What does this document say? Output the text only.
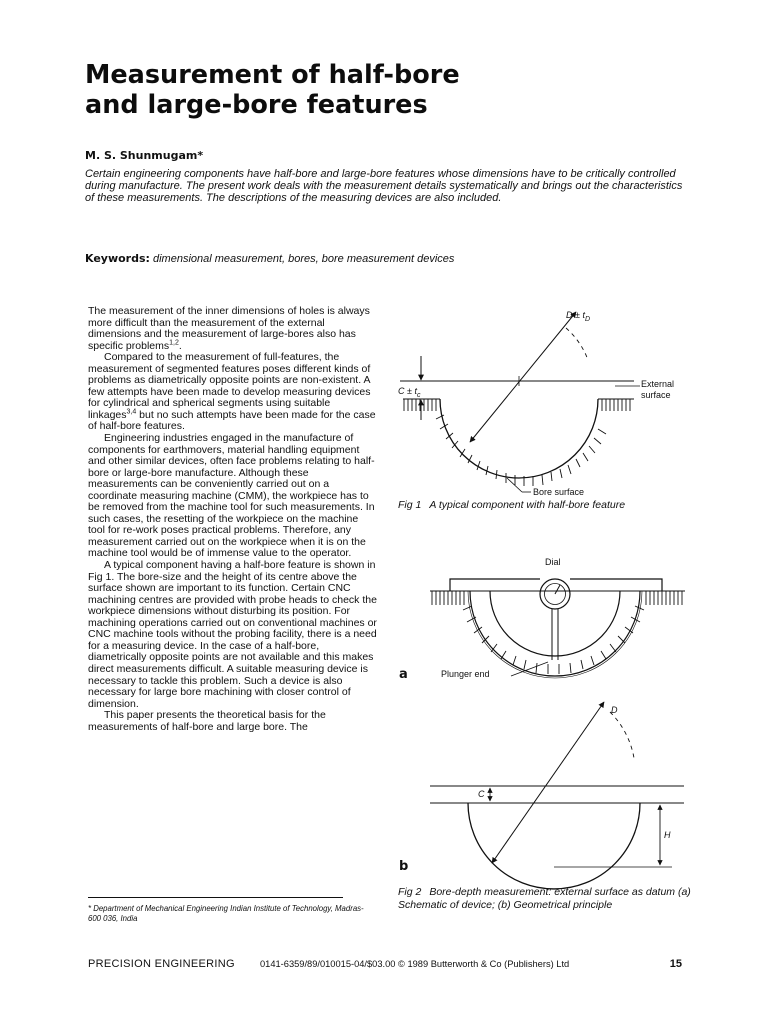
Measurement of half-bore
and large-bore features
M. S. Shunmugam*

Certain engineering components have half-bore and large-bore features whose dimensions have to be critically controlled during manufacture. The present work deals with the measurement details systematically and brings out the characteristics of these measurements. The descriptions of the measuring devices are also included.

Keywords: dimensional measurement, bores, bore measurement devices

The measurement of the inner dimensions of holes is always more difficult than the measurement of the external dimensions and the measurement of large-bores also has specific problems$^{1,2}$.

Compared to the measurement of full-features, the measurement of segmented features poses different kinds of problems as diametrically opposite points are non-existent. A few attempts have been made to develop measuring devices for cylindrical and spherical segments using suitable linkages$^{3,4}$ but no such attempts have been made for the case of half-bore features.

Engineering industries engaged in the manufacture of components for earthmovers, material handling equipment and other similar devices, often face problems relating to half-bore or large-bore manufacture. Although these measurements can be conveniently carried out on a coordinate measuring machine (CMM), the workpiece has to be removed from the machine tool for such measurements. In such cases, the resetting of the workpiece on the machine tool for re-work poses practical problems. Therefore, any measurement carried out on the workpiece when it is on the machine tool would be of immense value to the operator.

A typical component having a half-bore feature is shown in Fig 1. The bore-size and the height of its centre above the surface shown are important to its function. Certain CNC machining centres are provided with probe heads to check the workpiece dimensions without disturbing its position. For machining operations carried out on conventional machines or CNC machine tools without the probing facility, there is a need for a measuring device. In the case of a half-bore, diametrically opposite points are not available and this makes direct measurements difficult. A suitable measuring device is necessary to tackle this problem. Such a device is also necessary for large bore machining with closer control of dimension.

This paper presents the theoretical basis for the measurements of half-bore and large bore. The

* Department of Mechanical Engineering Indian Institute of Technology, Madras-600 036, India

$D \pm t_D$
$C \pm t_c$
External
surface
Bore surface
Dial
Plunger end
a
D
C
H
b

Fig 1 A typical component with half-bore feature

Fig 2 Bore-depth measurement: external surface as datum (a) Schematic of device; (b) Geometrical principle

PRECISION ENGINEERING	0141-6359/89/010015-04/$03.00 © 1989 Butterworth & Co (Publishers) Ltd	15
